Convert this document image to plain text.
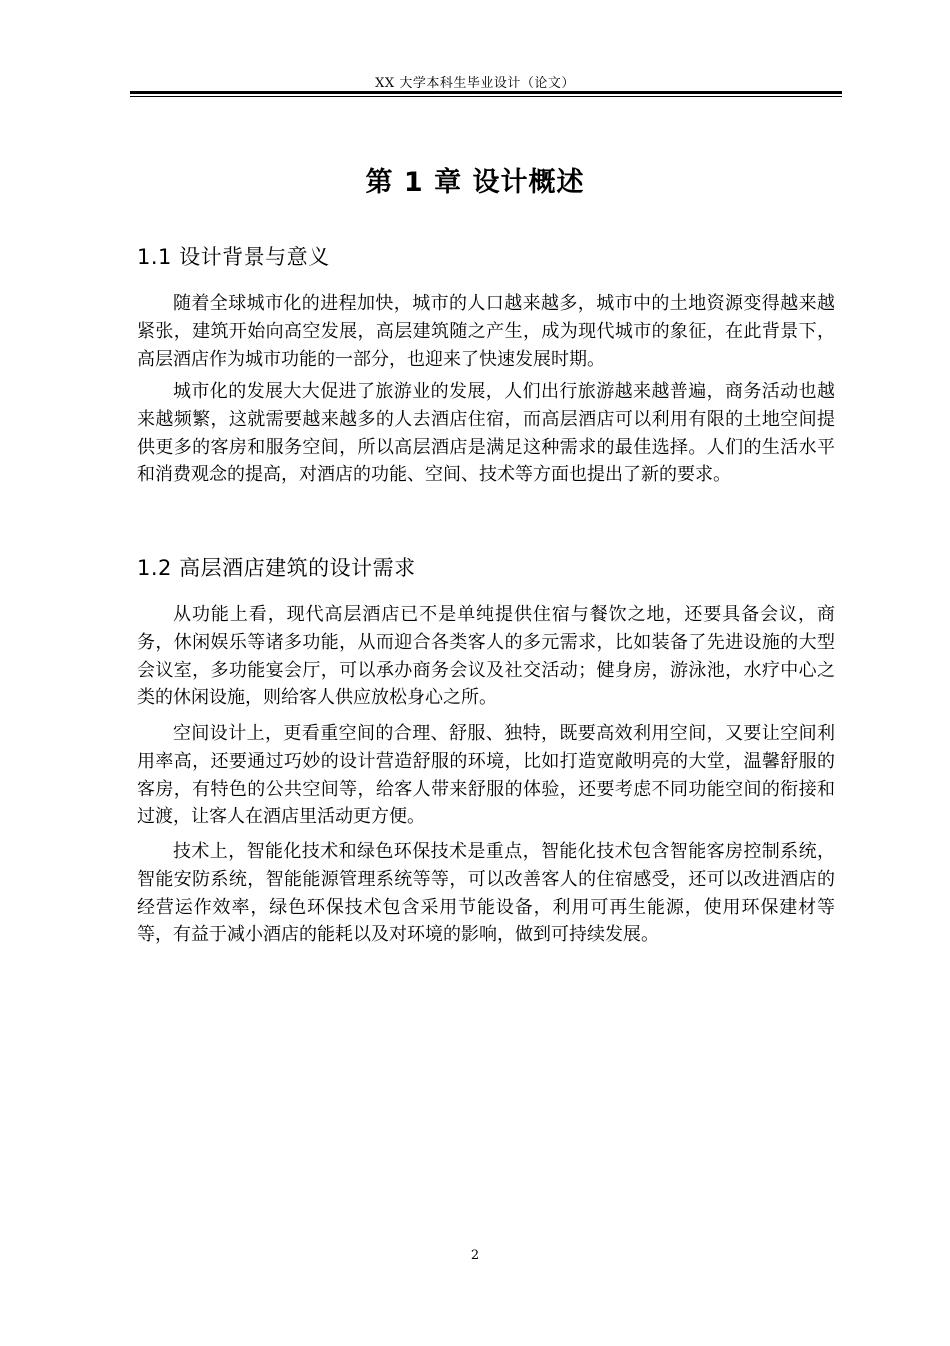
XX 大学本科生毕业设计（论文）
第 1 章 设计概述
1.1 设计背景与意义

随着全球城市化的进程加快，城市的人口越来越多，城市中的土地资源变得越来越紧张，建筑开始向高空发展，高层建筑随之产生，成为现代城市的象征，在此背景下，高层酒店作为城市功能的一部分，也迎来了快速发展时期。

城市化的发展大大促进了旅游业的发展，人们出行旅游越来越普遍，商务活动也越来越频繁，这就需要越来越多的人去酒店住宿，而高层酒店可以利用有限的土地空间提供更多的客房和服务空间，所以高层酒店是满足这种需求的最佳选择。人们的生活水平和消费观念的提高，对酒店的功能、空间、技术等方面也提出了新的要求。

1.2 高层酒店建筑的设计需求

从功能上看，现代高层酒店已不是单纯提供住宿与餐饮之地，还要具备会议，商务，休闲娱乐等诸多功能，从而迎合各类客人的多元需求，比如装备了先进设施的大型会议室，多功能宴会厅，可以承办商务会议及社交活动；健身房，游泳池，水疗中心之类的休闲设施，则给客人供应放松身心之所。

空间设计上，更看重空间的合理、舒服、独特，既要高效利用空间，又要让空间利用率高，还要通过巧妙的设计营造舒服的环境，比如打造宽敞明亮的大堂，温馨舒服的客房，有特色的公共空间等，给客人带来舒服的体验，还要考虑不同功能空间的衔接和过渡，让客人在酒店里活动更方便。

技术上，智能化技术和绿色环保技术是重点，智能化技术包含智能客房控制系统，智能安防系统，智能能源管理系统等等，可以改善客人的住宿感受，还可以改进酒店的经营运作效率，绿色环保技术包含采用节能设备，利用可再生能源，使用环保建材等等，有益于减小酒店的能耗以及对环境的影响，做到可持续发展。

2
